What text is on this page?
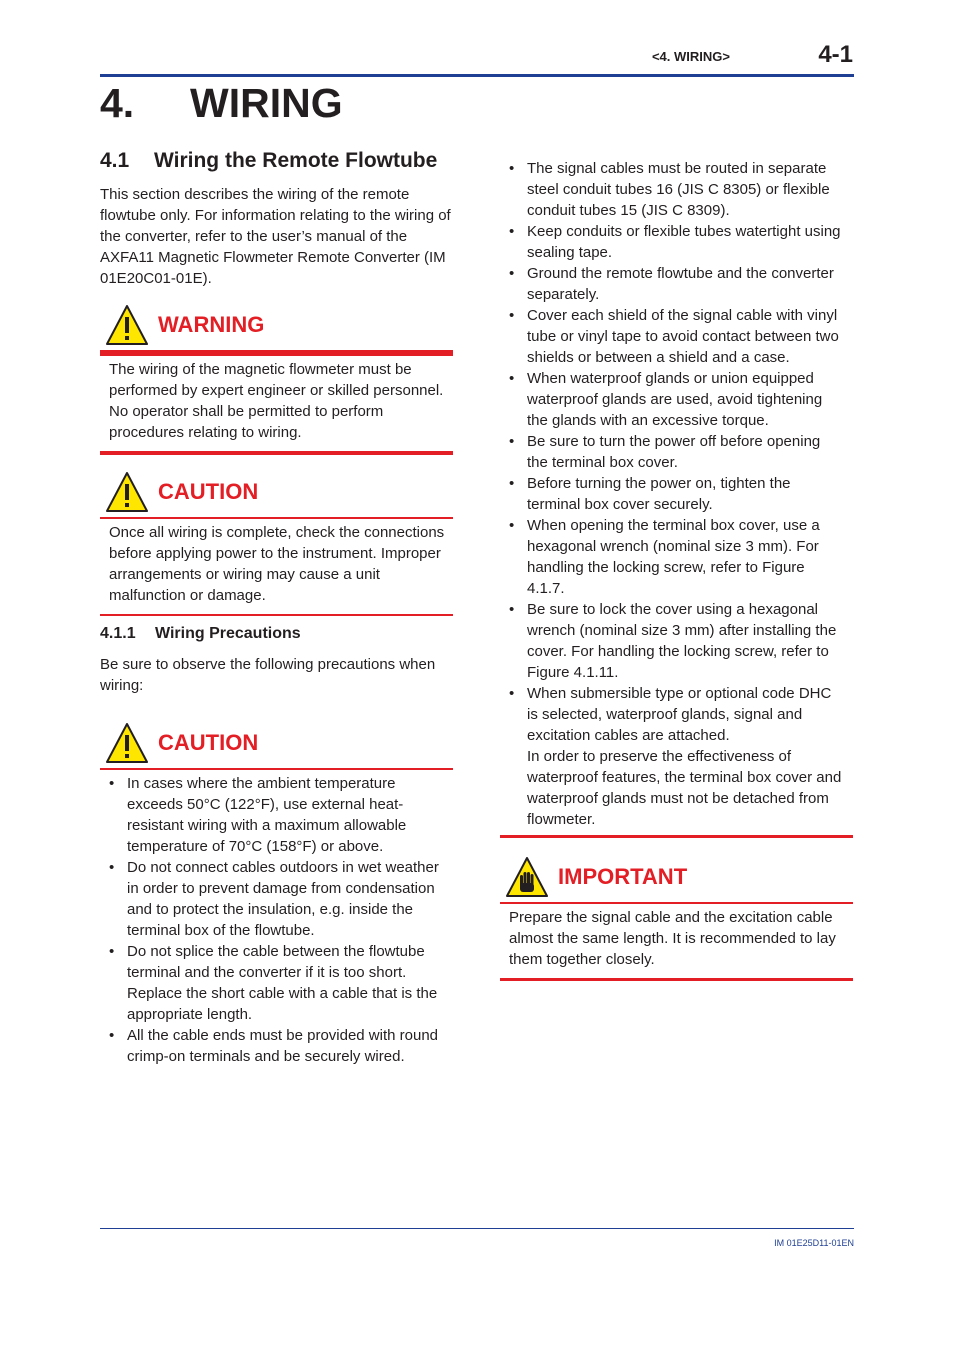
<4. WIRING>	4-1
4. WIRING
4.1 Wiring the Remote Flowtube
This section describes the wiring of the remote flowtube only. For information relating to the wiring of the converter, refer to the user’s manual of the AXFA11 Magnetic Flowmeter Remote Converter (IM 01E20C01-01E).
WARNING
The wiring of the magnetic flowmeter must be performed by expert engineer or skilled personnel. No operator shall be permitted to perform procedures relating to wiring.
CAUTION
Once all wiring is complete, check the connections before applying power to the instrument. Improper arrangements or wiring may cause a unit malfunction or damage.
4.1.1 Wiring Precautions
Be sure to observe the following precautions when wiring:
CAUTION
• In cases where the ambient temperature exceeds 50°C (122°F), use external heat-resistant wiring with a maximum allowable temperature of 70°C (158°F) or above.
• Do not connect cables outdoors in wet weather in order to prevent damage from condensation and to protect the insulation, e.g. inside the terminal box of the flowtube.
• Do not splice the cable between the flowtube terminal and the converter if it is too short. Replace the short cable with a cable that is the appropriate length.
• All the cable ends must be provided with round crimp-on terminals and be securely wired.
• The signal cables must be routed in separate steel conduit tubes 16 (JIS C 8305) or flexible conduit tubes 15 (JIS C 8309).
• Keep conduits or flexible tubes watertight using sealing tape.
• Ground the remote flowtube and the converter separately.
• Cover each shield of the signal cable with vinyl tube or vinyl tape to avoid contact between two shields or between a shield and a case.
• When waterproof glands or union equipped waterproof glands are used, avoid tightening the glands with an excessive torque.
• Be sure to turn the power off before opening the terminal box cover.
• Before turning the power on, tighten the terminal box cover securely.
• When opening the terminal box cover, use a hexagonal wrench (nominal size 3 mm). For handling the locking screw, refer to Figure 4.1.7.
• Be sure to lock the cover using a hexagonal wrench (nominal size 3 mm) after installing the cover. For handling the locking screw, refer to Figure 4.1.11.
• When submersible type or optional code DHC is selected, waterproof glands, signal and excitation cables are attached.
In order to preserve the effectiveness of waterproof features, the terminal box cover and waterproof glands must not be detached from flowmeter.
IMPORTANT
Prepare the signal cable and the excitation cable almost the same length. It is recommended to lay them together closely.
IM 01E25D11-01EN
